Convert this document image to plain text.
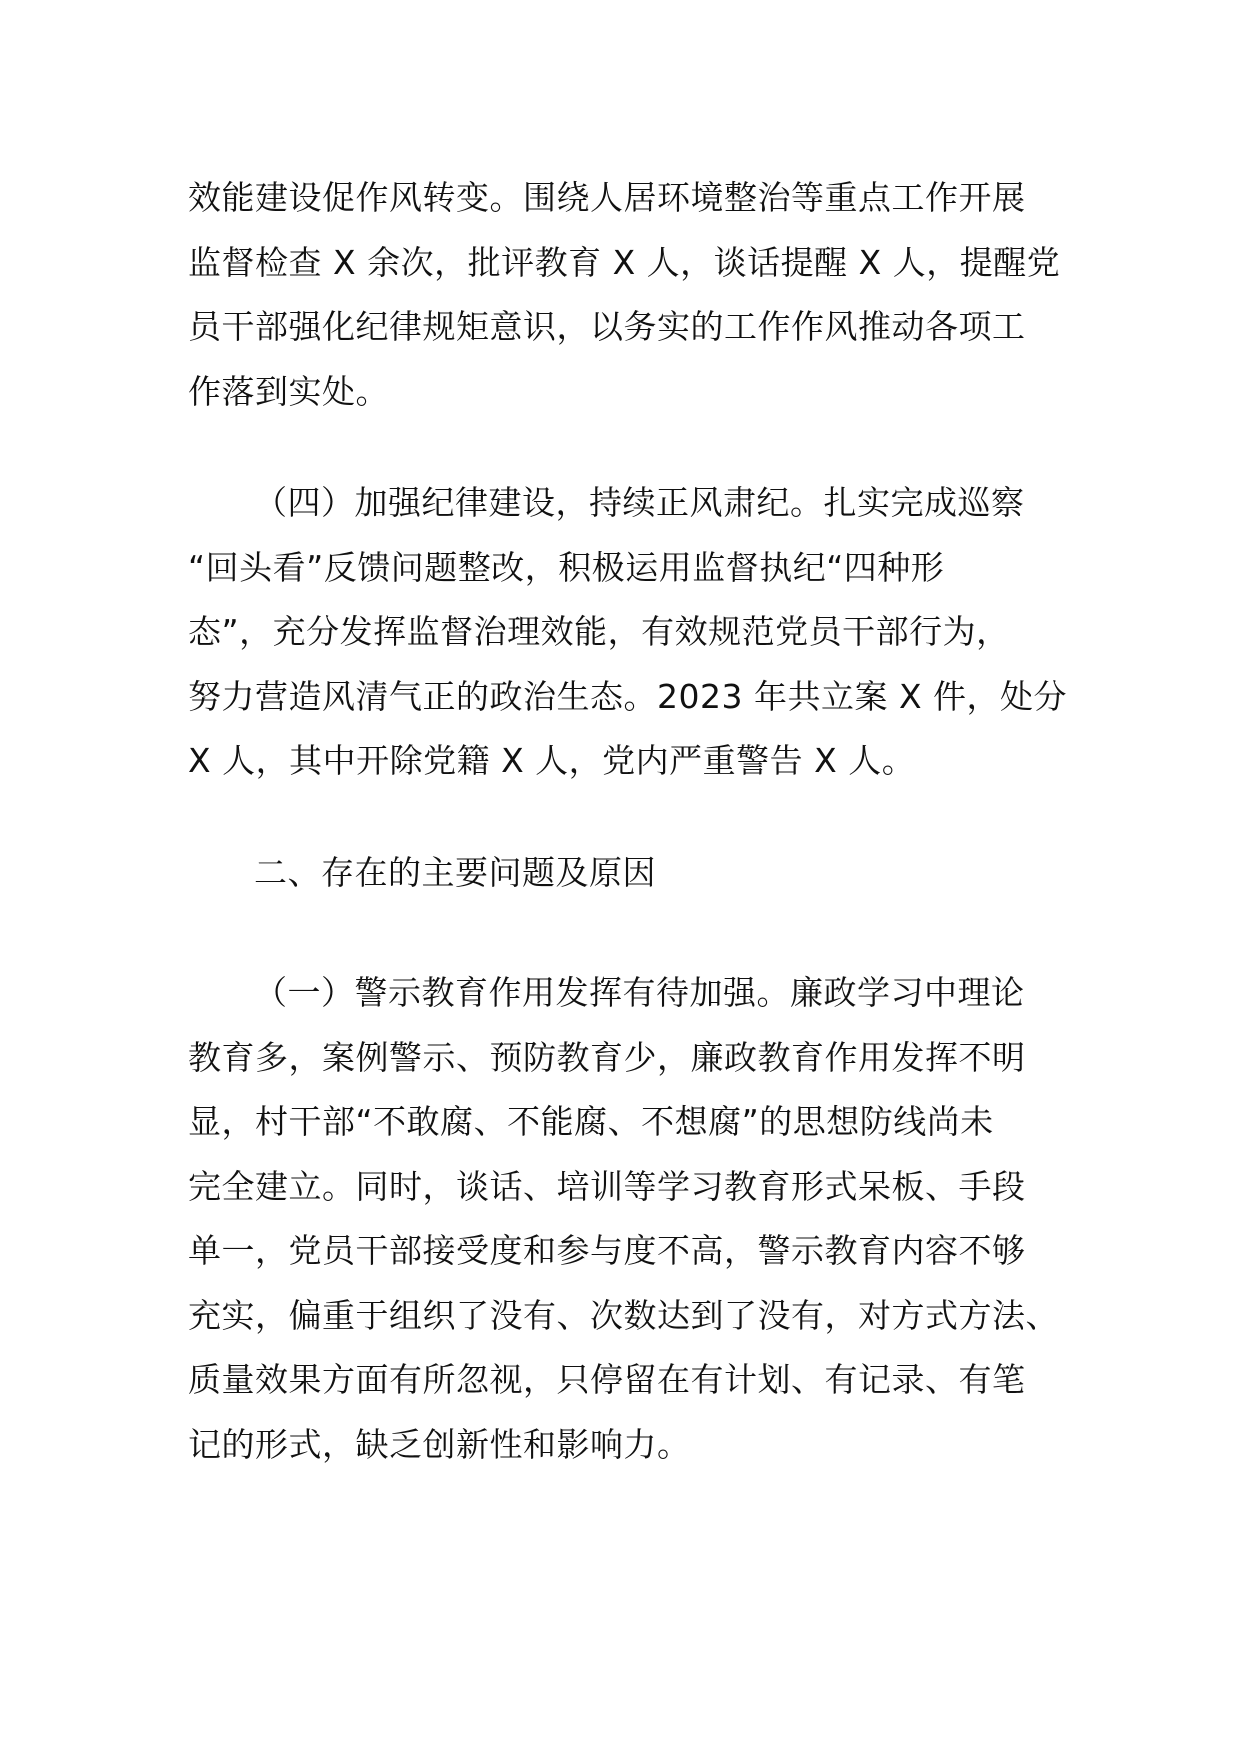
效能建设促作风转变。围绕人居环境整治等重点工作开展
监督检查 X 余次，批评教育 X 人，谈话提醒 X 人，提醒党
员干部强化纪律规矩意识，以务实的工作作风推动各项工
作落到实处。
（四）加强纪律建设，持续正风肃纪。扎实完成巡察
“回头看”反馈问题整改，积极运用监督执纪“四种形
态”，充分发挥监督治理效能，有效规范党员干部行为，
努力营造风清气正的政治生态。2023 年共立案 X 件，处分
X 人，其中开除党籍 X 人，党内严重警告 X 人。
二、存在的主要问题及原因
（一）警示教育作用发挥有待加强。廉政学习中理论
教育多，案例警示、预防教育少，廉政教育作用发挥不明
显，村干部“不敢腐、不能腐、不想腐”的思想防线尚未
完全建立。同时，谈话、培训等学习教育形式呆板、手段
单一，党员干部接受度和参与度不高，警示教育内容不够
充实，偏重于组织了没有、次数达到了没有，对方式方法、
质量效果方面有所忽视，只停留在有计划、有记录、有笔
记的形式，缺乏创新性和影响力。
